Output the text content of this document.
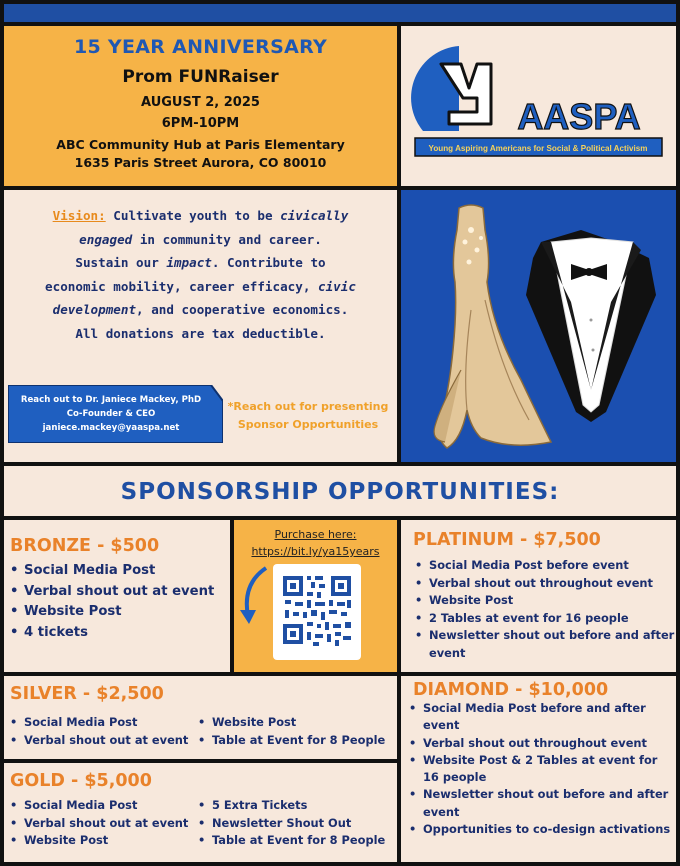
15 YEAR ANNIVERSARY
Prom FUNRaiser
AUGUST 2, 2025
6PM-10PM
ABC Community Hub at Paris Elementary
1635 Paris Street Aurora, CO 80010
AASPA
Young Aspiring Americans for Social & Political Activism
Vision: Cultivate youth to be civically
engaged in community and career.
Sustain our impact. Contribute to
economic mobility, career efficacy, civic
development, and cooperative economics.
All donations are tax deductible.
Reach out to Dr. Janiece Mackey, PhD
Co-Founder & CEO
janiece.mackey@yaaspa.net
*Reach out for presenting
Sponsor Opportunities
SPONSORSHIP OPPORTUNITIES:
BRONZE - $500
• Social Media Post
• Verbal shout out at event
• Website Post
• 4 tickets
Purchase here:
https://bit.ly/ya15years
PLATINUM - $7,500
• Social Media Post before event
• Verbal shout out throughout event
• Website Post
• 2 Tables at event for 16 people
• Newsletter shout out before and after event
SILVER - $2,500
• Social Media Post
• Verbal shout out at event
• Website Post
• Table at Event for 8 People
GOLD - $5,000
• Social Media Post
• Verbal shout out at event
• Website Post
• 5 Extra Tickets
• Newsletter Shout Out
• Table at Event for 8 People
DIAMOND - $10,000
• Social Media Post before and after event
• Verbal shout out throughout event
• Website Post & 2 Tables at event for 16 people
• Newsletter shout out before and after event
• Opportunities to co-design activations
